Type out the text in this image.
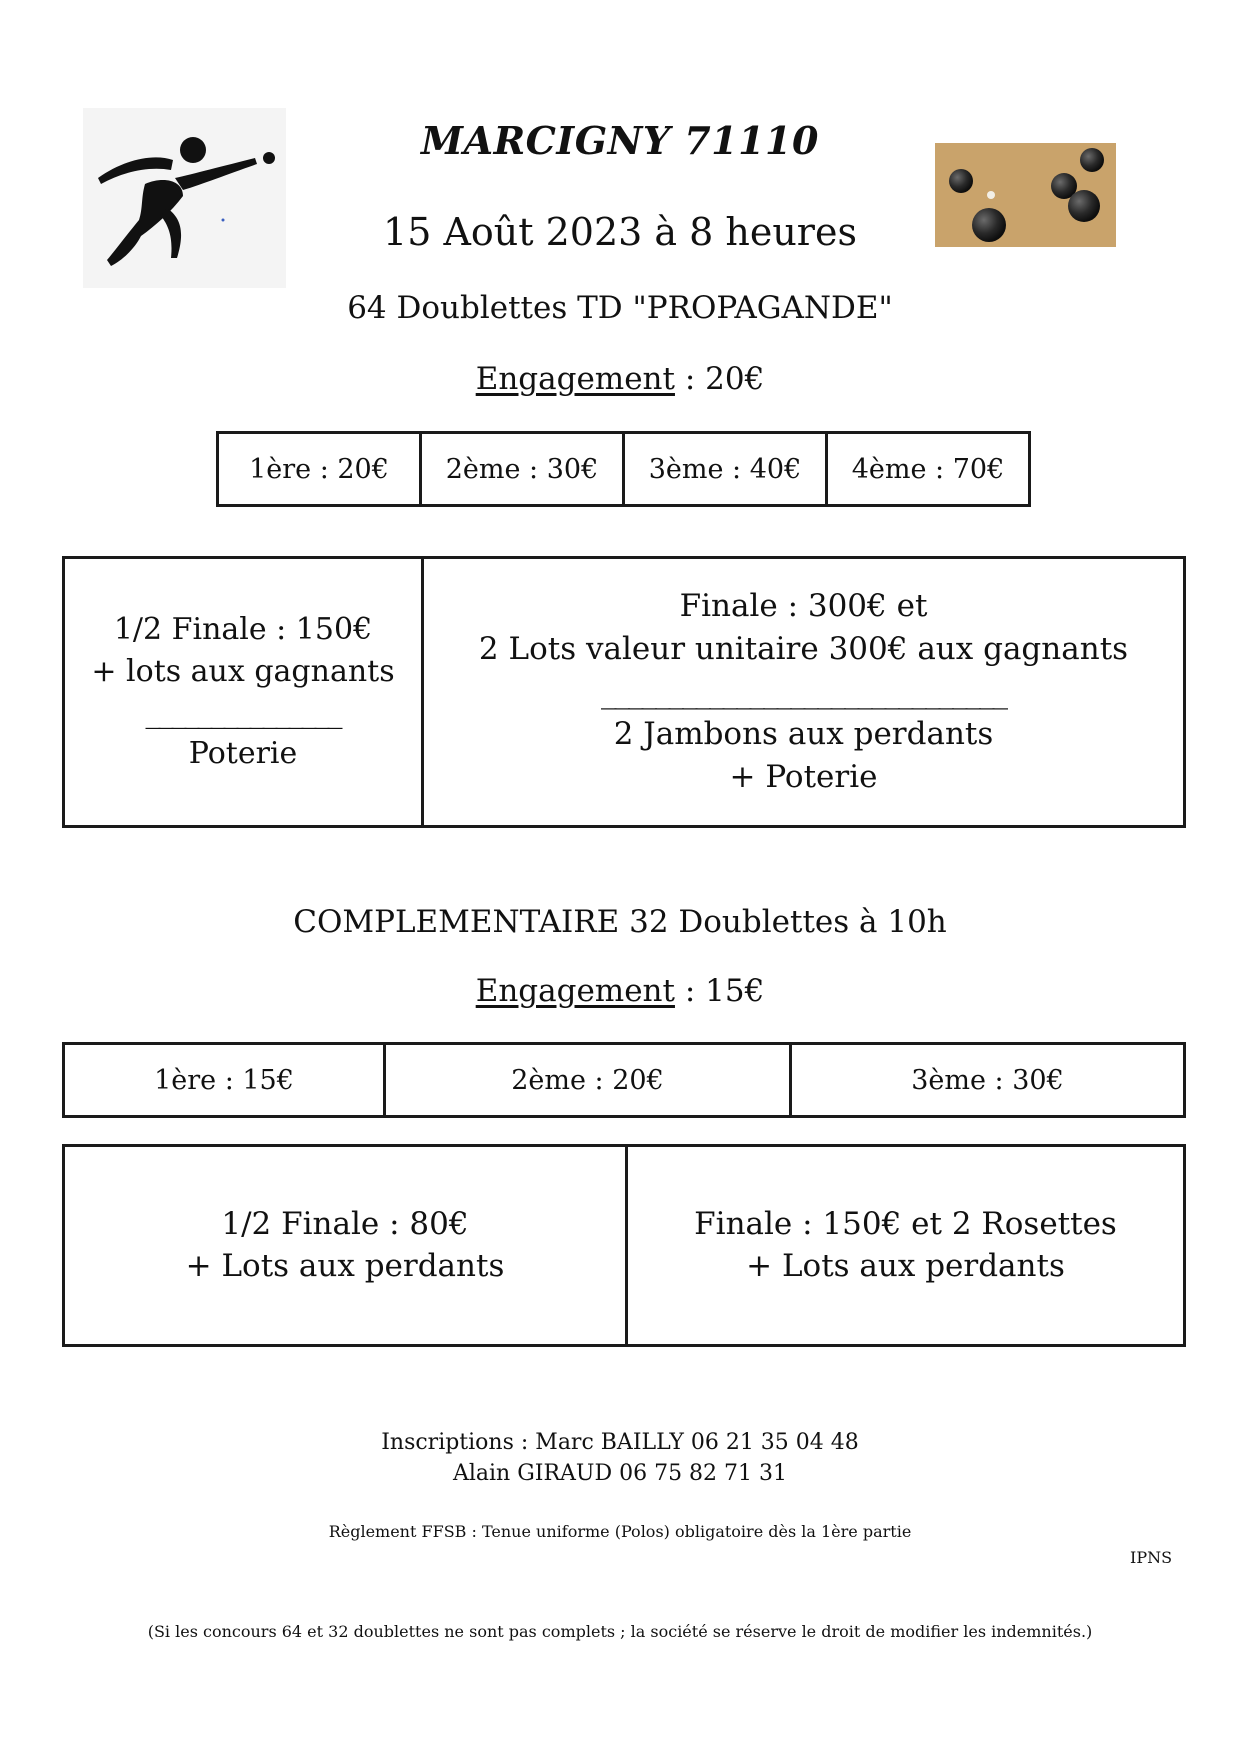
MARCIGNY 71110
15 Août 2023 à 8 heures
64 Doublettes TD "PROPAGANDE"
Engagement : 20€
1ère : 20€	2ème : 30€	3ème : 40€	4ème : 70€
1/2 Finale : 150€
+ lots aux gagnants
_______________
Poterie

Finale : 300€ et
2 Lots valeur unitaire 300€ aux gagnants
______________________________
2 Jambons aux perdants
+ Poterie
COMPLEMENTAIRE 32 Doublettes à 10h
Engagement : 15€
1ère : 15€	2ème : 20€	3ème : 30€
1/2 Finale : 80€
+ Lots aux perdants

Finale : 150€ et 2 Rosettes
+ Lots aux perdants
Inscriptions : Marc BAILLY 06 21 35 04 48
Alain GIRAUD 06 75 82 71 31
Règlement FFSB : Tenue uniforme (Polos) obligatoire dès la 1ère partie
IPNS
(Si les concours 64 et 32 doublettes ne sont pas complets ; la société se réserve le droit de modifier les indemnités.)
